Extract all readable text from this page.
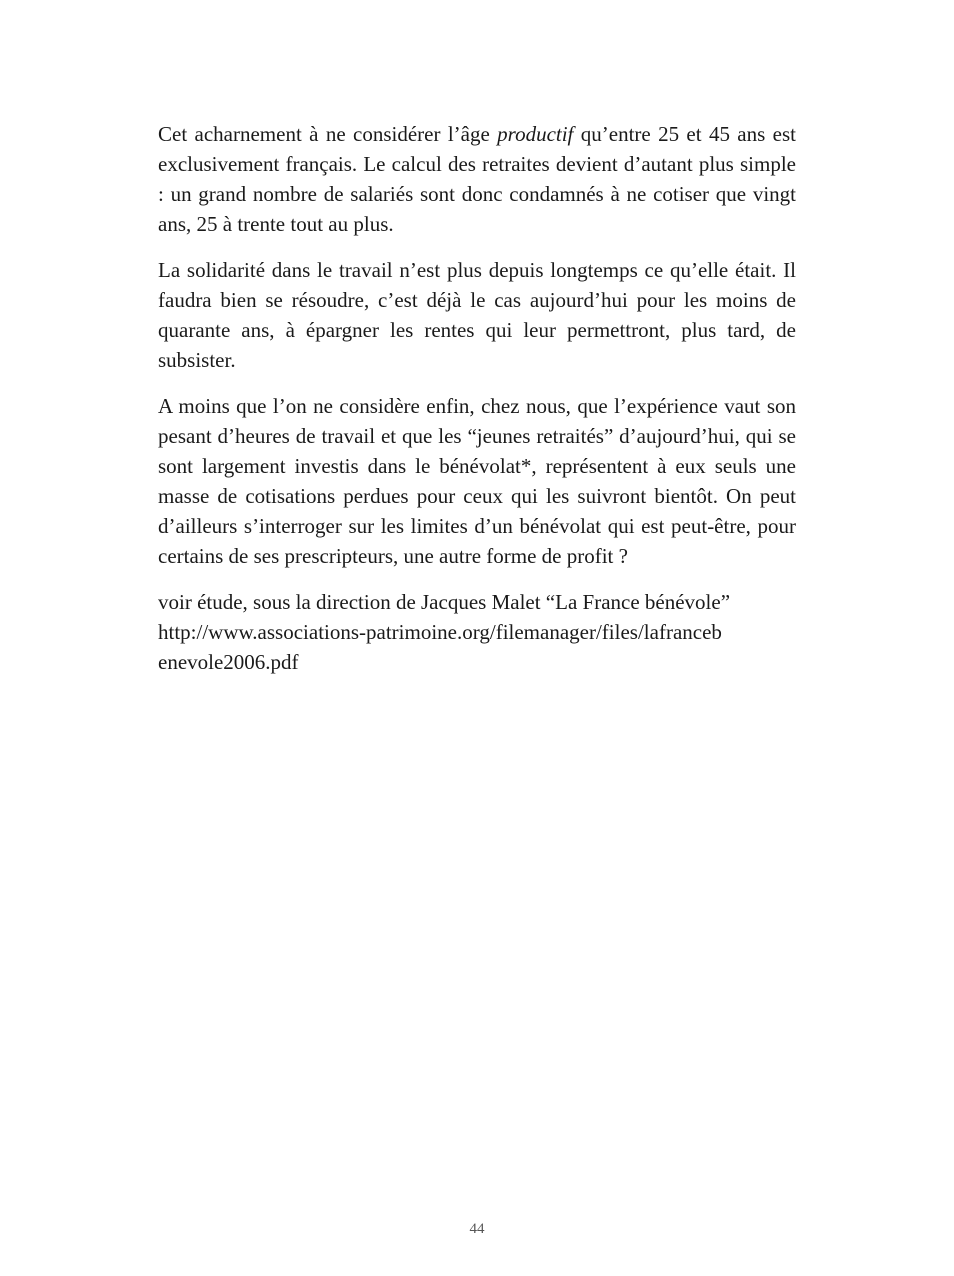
Cet acharnement à ne considérer l’âge productif qu’entre 25 et 45 ans est exclusivement français. Le calcul des retraites devient d’autant plus simple : un grand nombre de salariés sont donc condamnés à ne cotiser que vingt ans, 25 à trente tout au plus.

La solidarité dans le travail n’est plus depuis longtemps ce qu’elle était. Il faudra bien se résoudre, c’est déjà le cas aujourd’hui pour les moins de quarante ans, à épargner les rentes qui leur permettront, plus tard, de subsister.

A moins que l’on ne considère enfin, chez nous, que l’expérience vaut son pesant d’heures de travail et que les “jeunes retraités” d’aujourd’hui, qui se sont largement investis dans le bénévolat*, représentent à eux seuls une masse de cotisations perdues pour ceux qui les suivront bientôt. On peut d’ailleurs s’interroger sur les limites d’un bénévolat qui est peut-être, pour certains de ses prescripteurs, une autre forme de profit ?

voir étude, sous la direction de Jacques Malet “La France bénévole”
http://www.associations-patrimoine.org/filemanager/files/lafranceb
enevole2006.pdf

44
